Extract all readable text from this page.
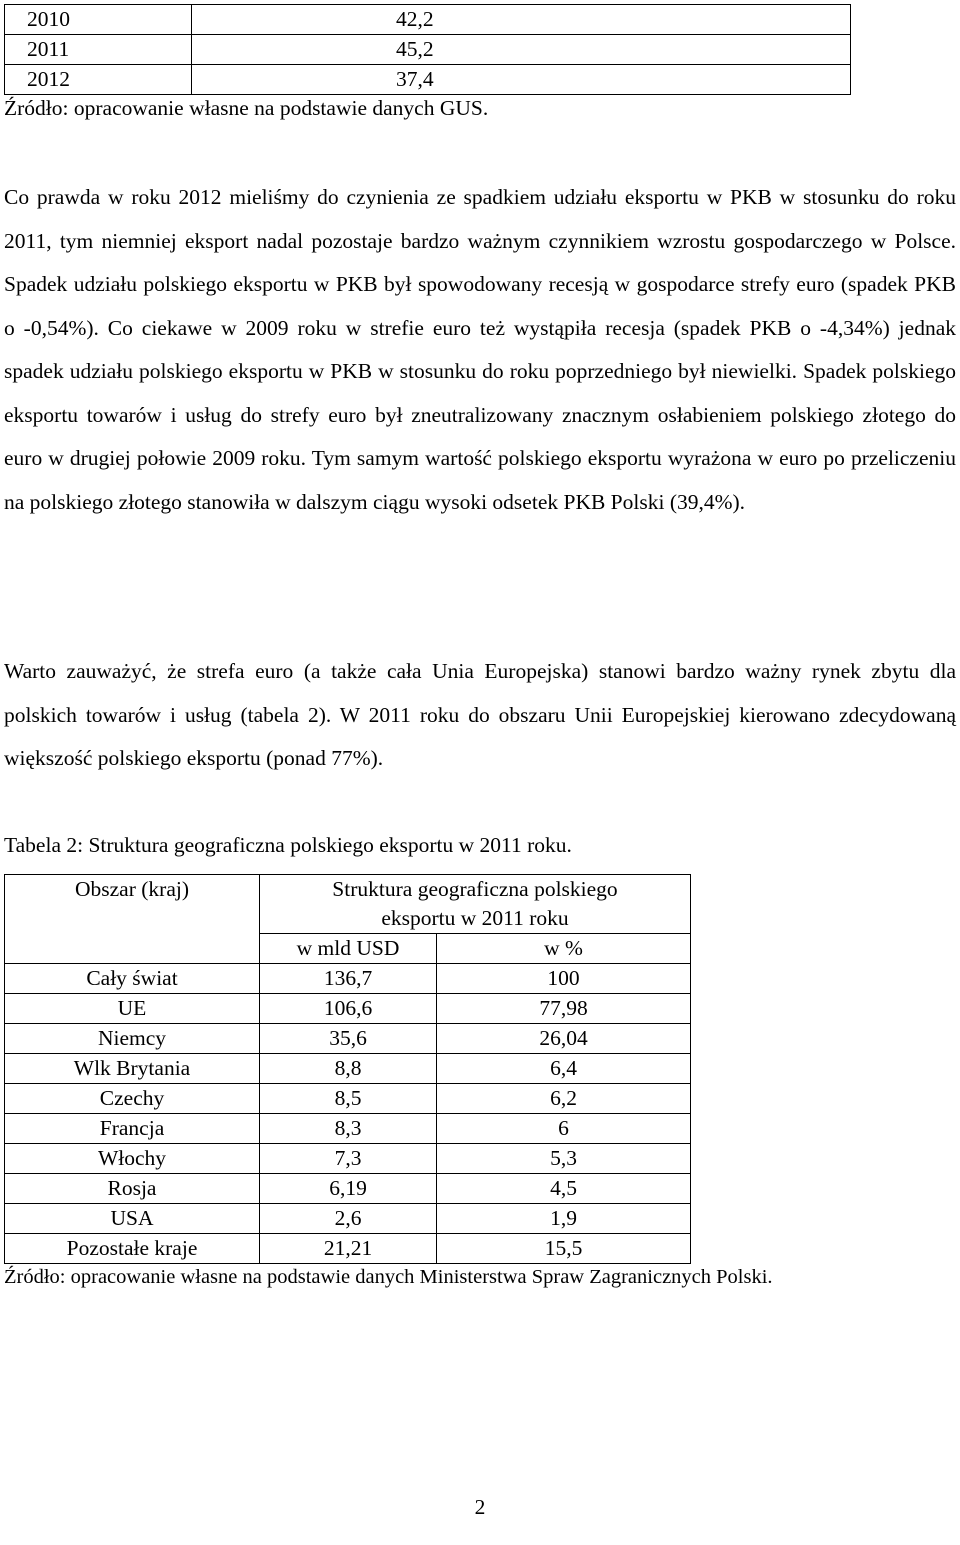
2010	42,2
2011	45,2
2012	37,4
Źródło: opracowanie własne na podstawie danych GUS.

Co prawda w roku 2012 mieliśmy do czynienia ze spadkiem udziału eksportu w PKB w stosunku do roku 2011, tym niemniej eksport nadal pozostaje bardzo ważnym czynnikiem wzrostu gospodarczego w Polsce. Spadek udziału polskiego eksportu w PKB był spowodowany recesją w gospodarce strefy euro (spadek PKB o -0,54%). Co ciekawe w 2009 roku w strefie euro też wystąpiła recesja (spadek PKB o -4,34%) jednak spadek udziału polskiego eksportu w PKB w stosunku do roku poprzedniego był niewielki. Spadek polskiego eksportu towarów i usług do strefy euro był zneutralizowany znacznym osłabieniem polskiego złotego do euro w drugiej połowie 2009 roku. Tym samym wartość polskiego eksportu wyrażona w euro po przeliczeniu na polskiego złotego stanowiła w dalszym ciągu wysoki odsetek PKB Polski (39,4%).

Warto zauważyć, że strefa euro (a także cała Unia Europejska) stanowi bardzo ważny rynek zbytu dla polskich towarów i usług (tabela 2). W 2011 roku do obszaru Unii Europejskiej kierowano zdecydowaną większość polskiego eksportu (ponad 77%).

Tabela 2: Struktura geograficzna polskiego eksportu w 2011 roku.
Obszar (kraj)	Struktura geograficzna polskiego eksportu w 2011 roku	
	w mld USD	w %
Cały świat	136,7	100
UE	106,6	77,98
Niemcy	35,6	26,04
Wlk Brytania	8,8	6,4
Czechy	8,5	6,2
Francja	8,3	6
Włochy	7,3	5,3
Rosja	6,19	4,5
USA	2,6	1,9
Pozostałe kraje	21,21	15,5
Źródło: opracowanie własne na podstawie danych Ministerstwa Spraw Zagranicznych Polski.
2
